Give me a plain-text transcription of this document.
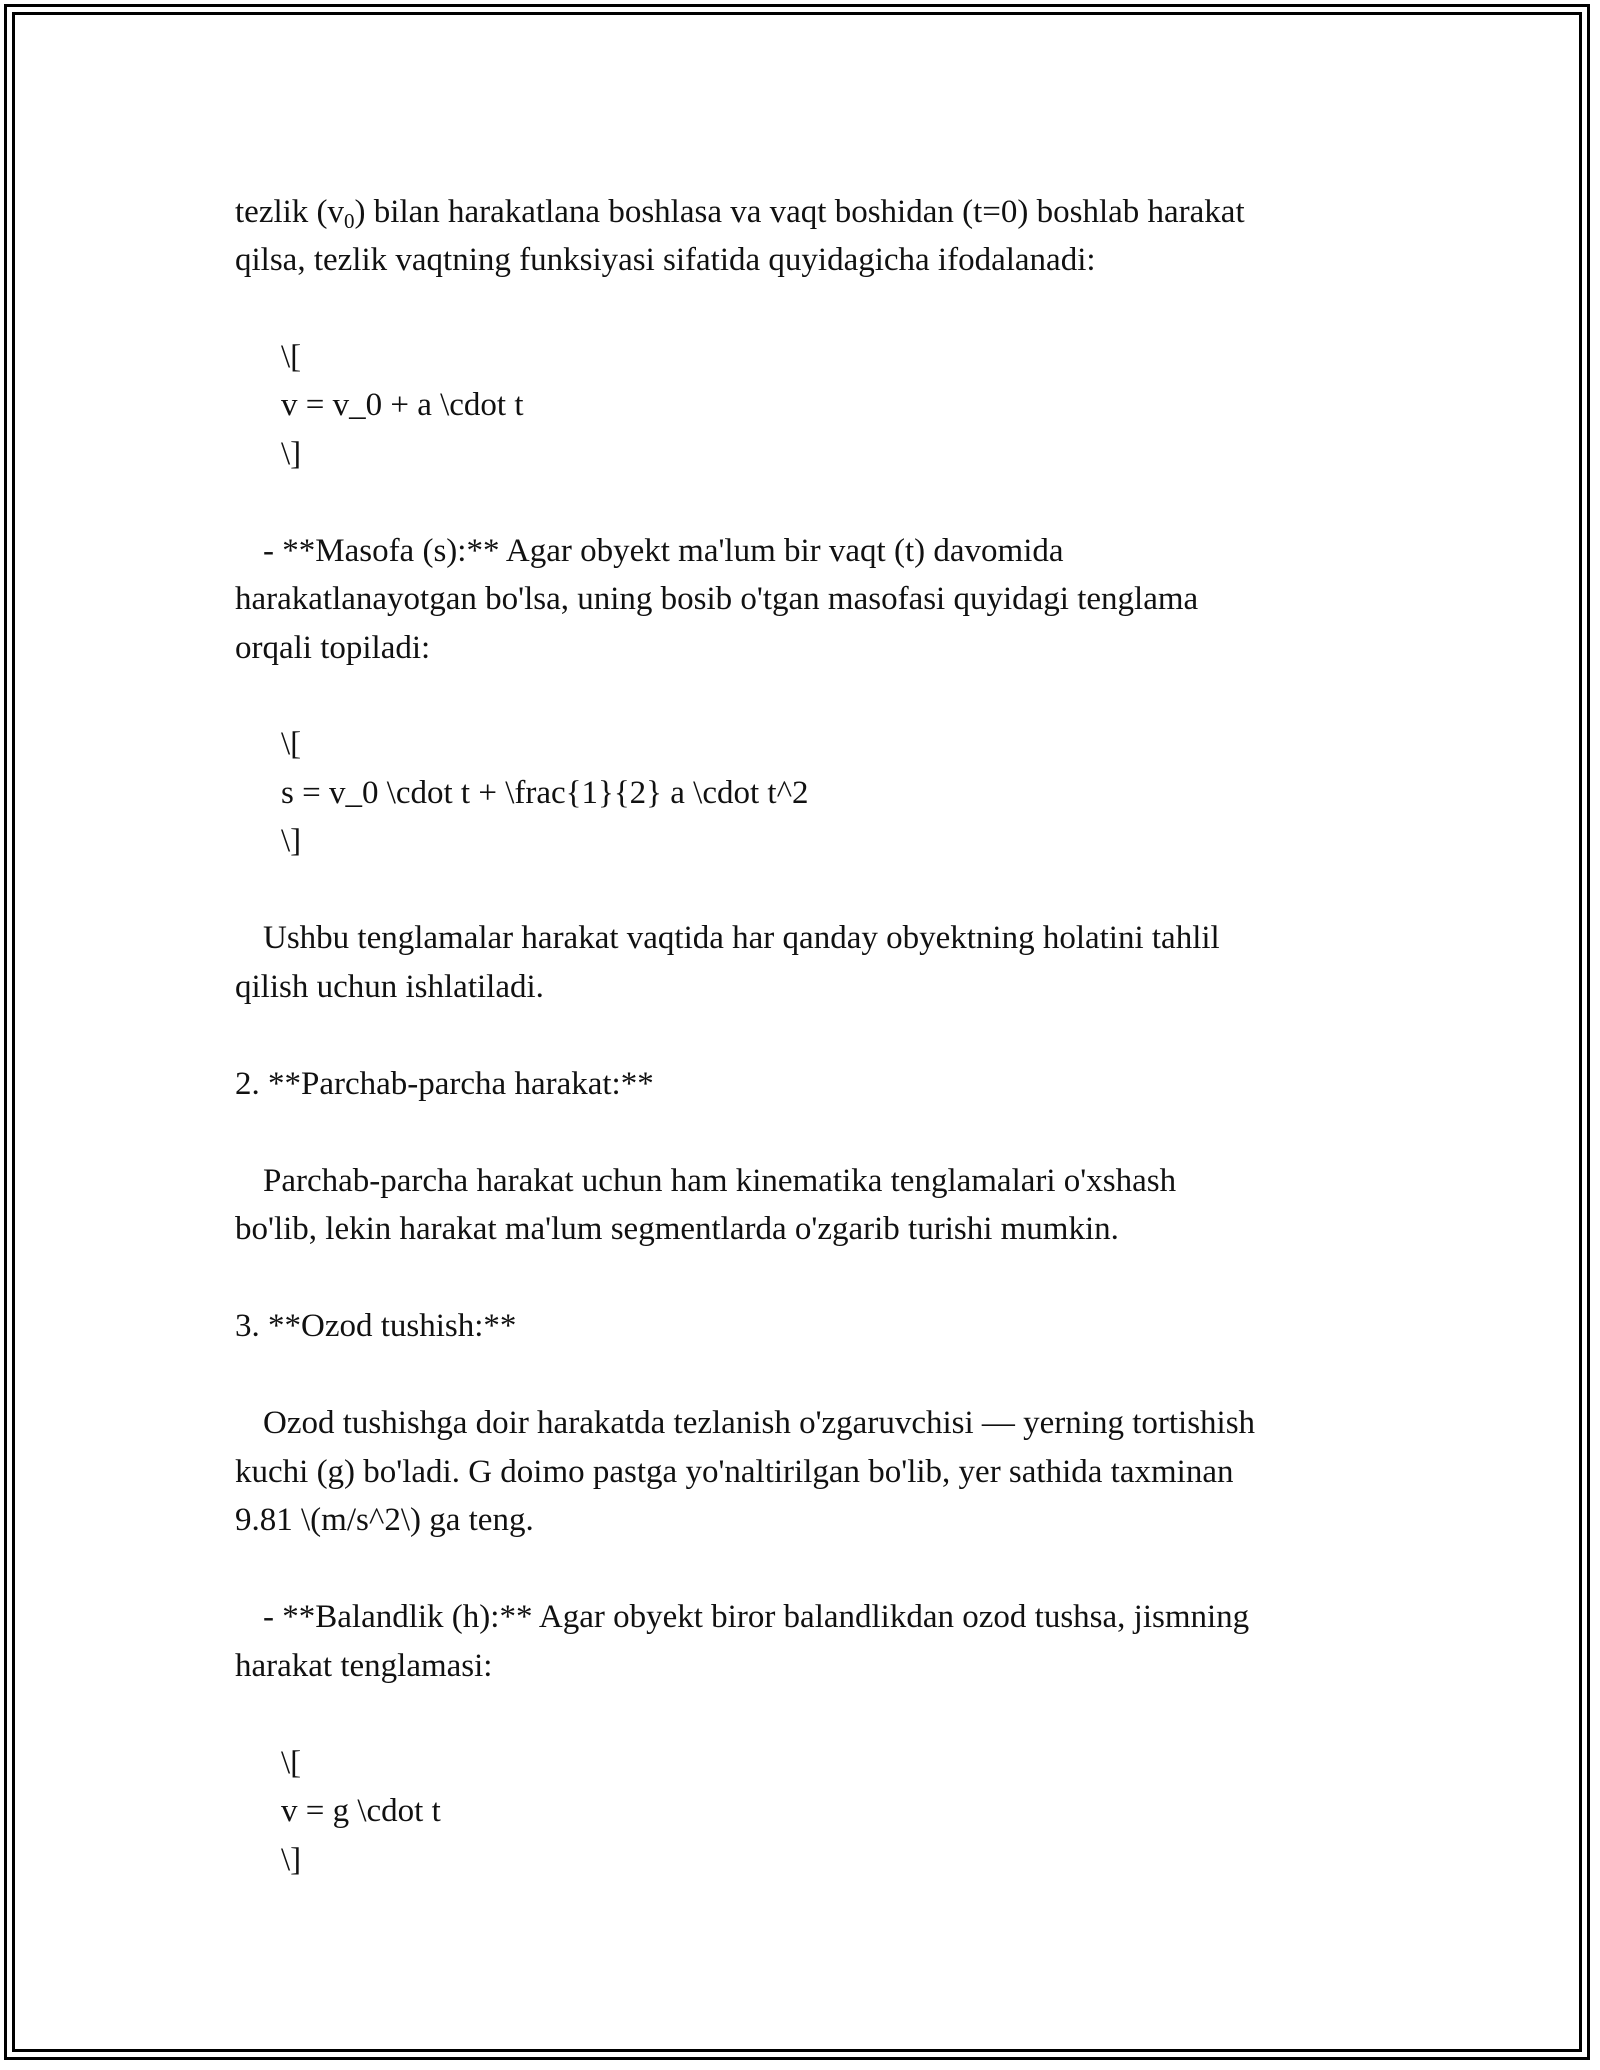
tezlik $(v_0)$ bilan harakatlana boshlasa va vaqt boshidan (t=0) boshlab harakat
qilsa, tezlik vaqtning funksiyasi sifatida quyidagicha ifodalanadi:
\[
v = v_0 + a \cdot t
\]
- **Masofa (s):** Agar obyekt ma'lum bir vaqt (t) davomida
harakatlanayotgan bo'lsa, uning bosib o'tgan masofasi quyidagi tenglama
orqali topiladi:
\[
s = v_0 \cdot t + \frac{1}{2} a \cdot t^2
\]
Ushbu tenglamalar harakat vaqtida har qanday obyektning holatini tahlil
qilish uchun ishlatiladi.
2. **Parchab-parcha harakat:**
Parchab-parcha harakat uchun ham kinematika tenglamalari o'xshash
bo'lib, lekin harakat ma'lum segmentlarda o'zgarib turishi mumkin.
3. **Ozod tushish:**
Ozod tushishga doir harakatda tezlanish o'zgaruvchisi — yerning tortishish
kuchi (g) bo'ladi. G doimo pastga yo'naltirilgan bo'lib, yer sathida taxminan
9.81 \(m/s^2\) ga teng.
- **Balandlik (h):** Agar obyekt biror balandlikdan ozod tushsa, jismning
harakat tenglamasi:
\[
v = g \cdot t
\]
